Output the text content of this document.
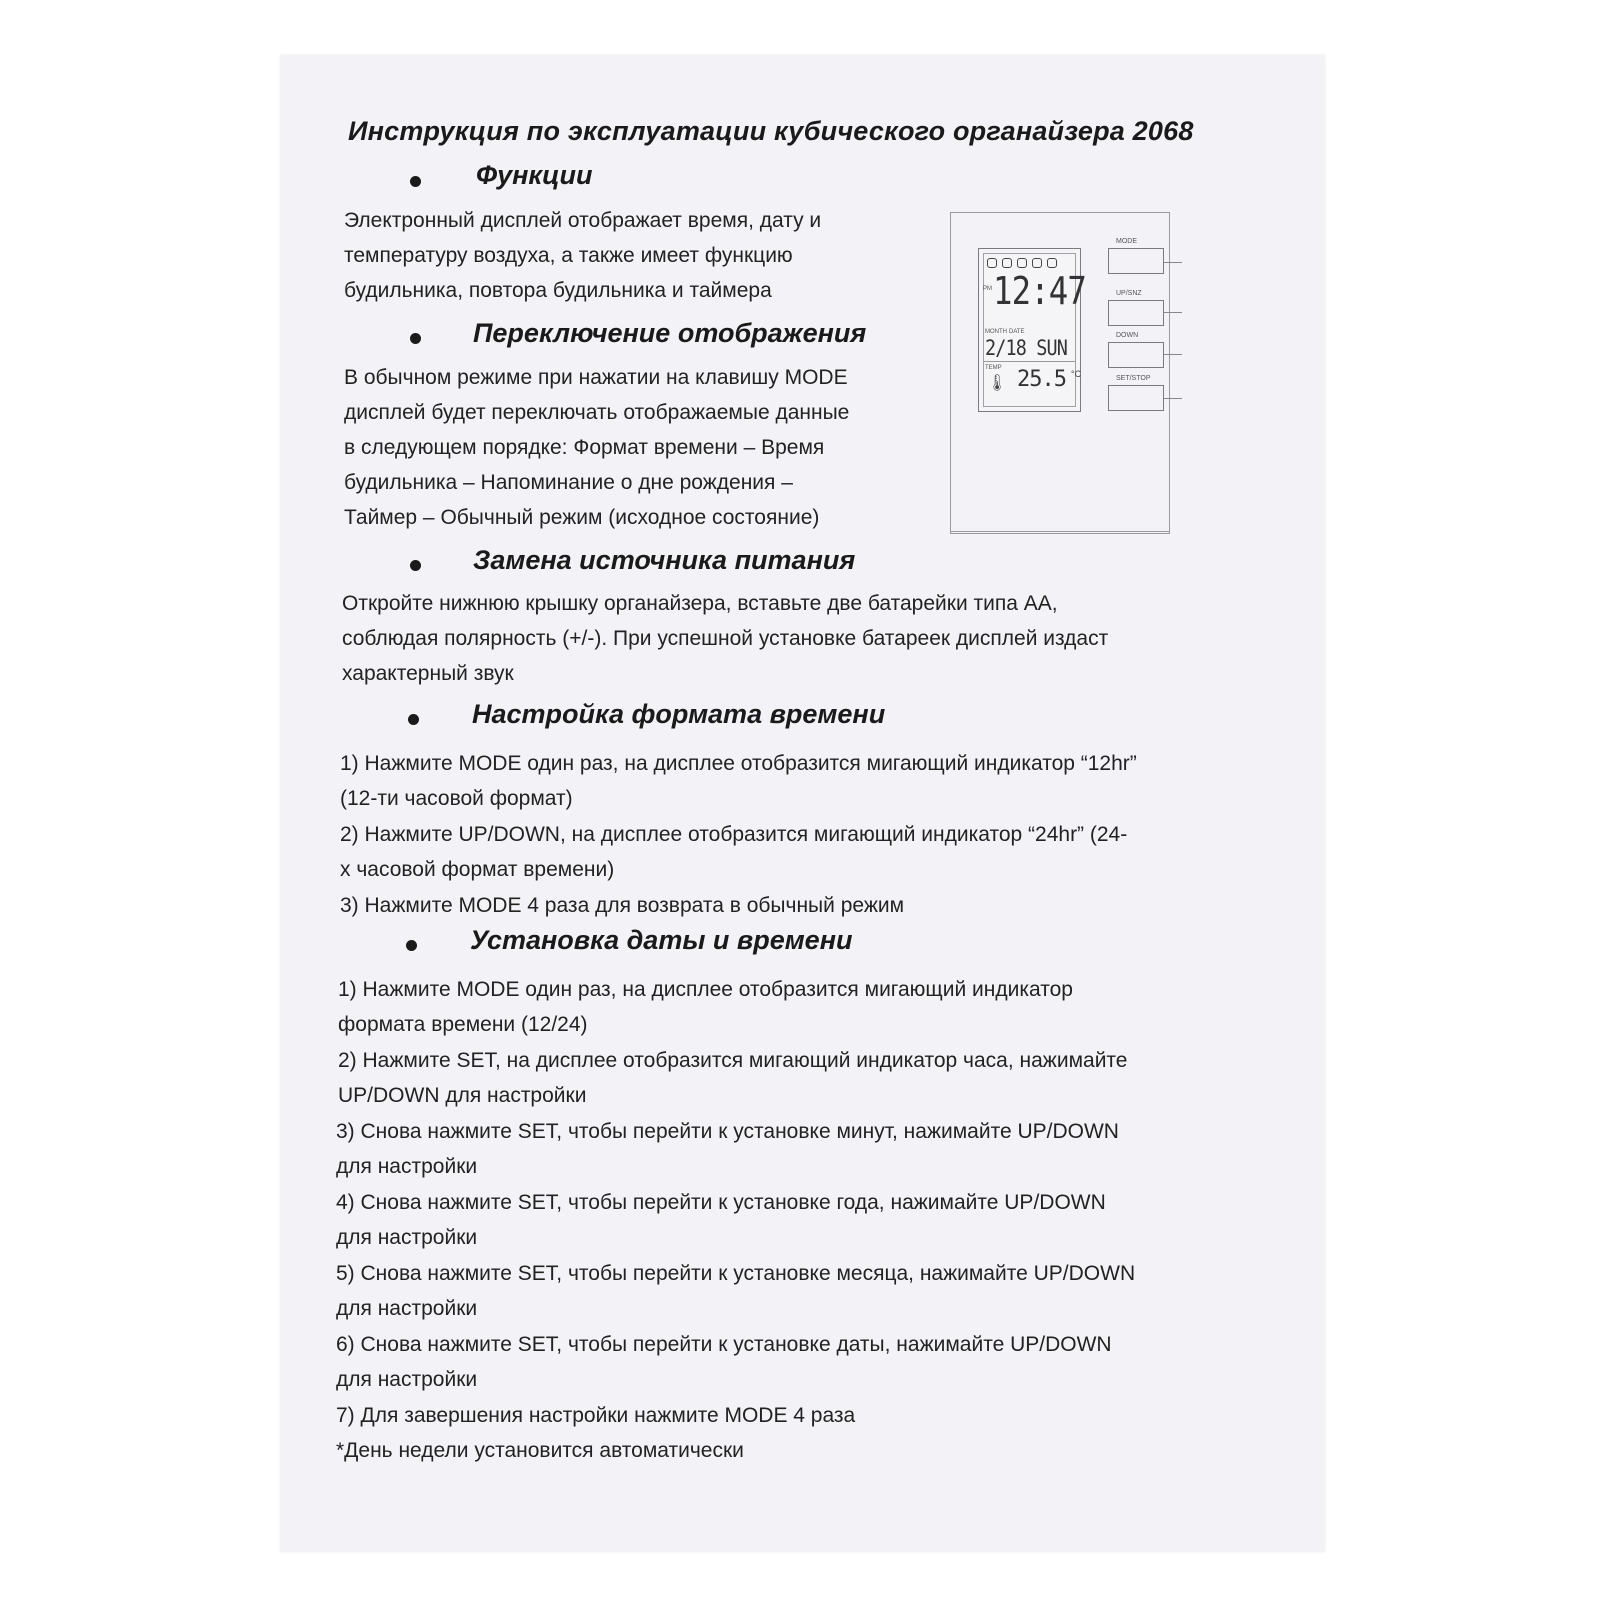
Инструкция по эксплуатации кубического органайзера 2068
Функции
Электронный дисплей отображает время, дату и
температуру воздуха, а также имеет функцию
будильника, повтора будильника и таймера
Переключение отображения
В обычном режиме при нажатии на клавишу MODE
дисплей будет переключать отображаемые данные
в следующем порядке: Формат времени – Время
будильника – Напоминание о дне рождения –
Таймер – Обычный режим (исходное состояние)
PM 12:47
MONTH DATE
2/18 SUN
TEMP
🌡 25.5 °C
MODE
UP/SNZ
DOWN
SET/STOP
Замена источника питания
Откройте нижнюю крышку органайзера, вставьте две батарейки типа АА,
соблюдая полярность (+/-). При успешной установке батареек дисплей издаст
характерный звук
Настройка формата времени
1) Нажмите MODE один раз, на дисплее отобразится мигающий индикатор “12hr”
(12-ти часовой формат)
2) Нажмите UP/DOWN, на дисплее отобразится мигающий индикатор “24hr” (24-
х часовой формат времени)
3) Нажмите MODE 4 раза для возврата в обычный режим
Установка даты и времени
1) Нажмите MODE один раз, на дисплее отобразится мигающий индикатор
формата времени (12/24)
2) Нажмите SET, на дисплее отобразится мигающий индикатор часа, нажимайте
UP/DOWN для настройки
3) Снова нажмите SET, чтобы перейти к установке минут, нажимайте UP/DOWN
для настройки
4) Снова нажмите SET, чтобы перейти к установке года, нажимайте UP/DOWN
для настройки
5) Снова нажмите SET, чтобы перейти к установке месяца, нажимайте UP/DOWN
для настройки
6) Снова нажмите SET, чтобы перейти к установке даты, нажимайте UP/DOWN
для настройки
7) Для завершения настройки нажмите MODE 4 раза
*День недели установится автоматически
